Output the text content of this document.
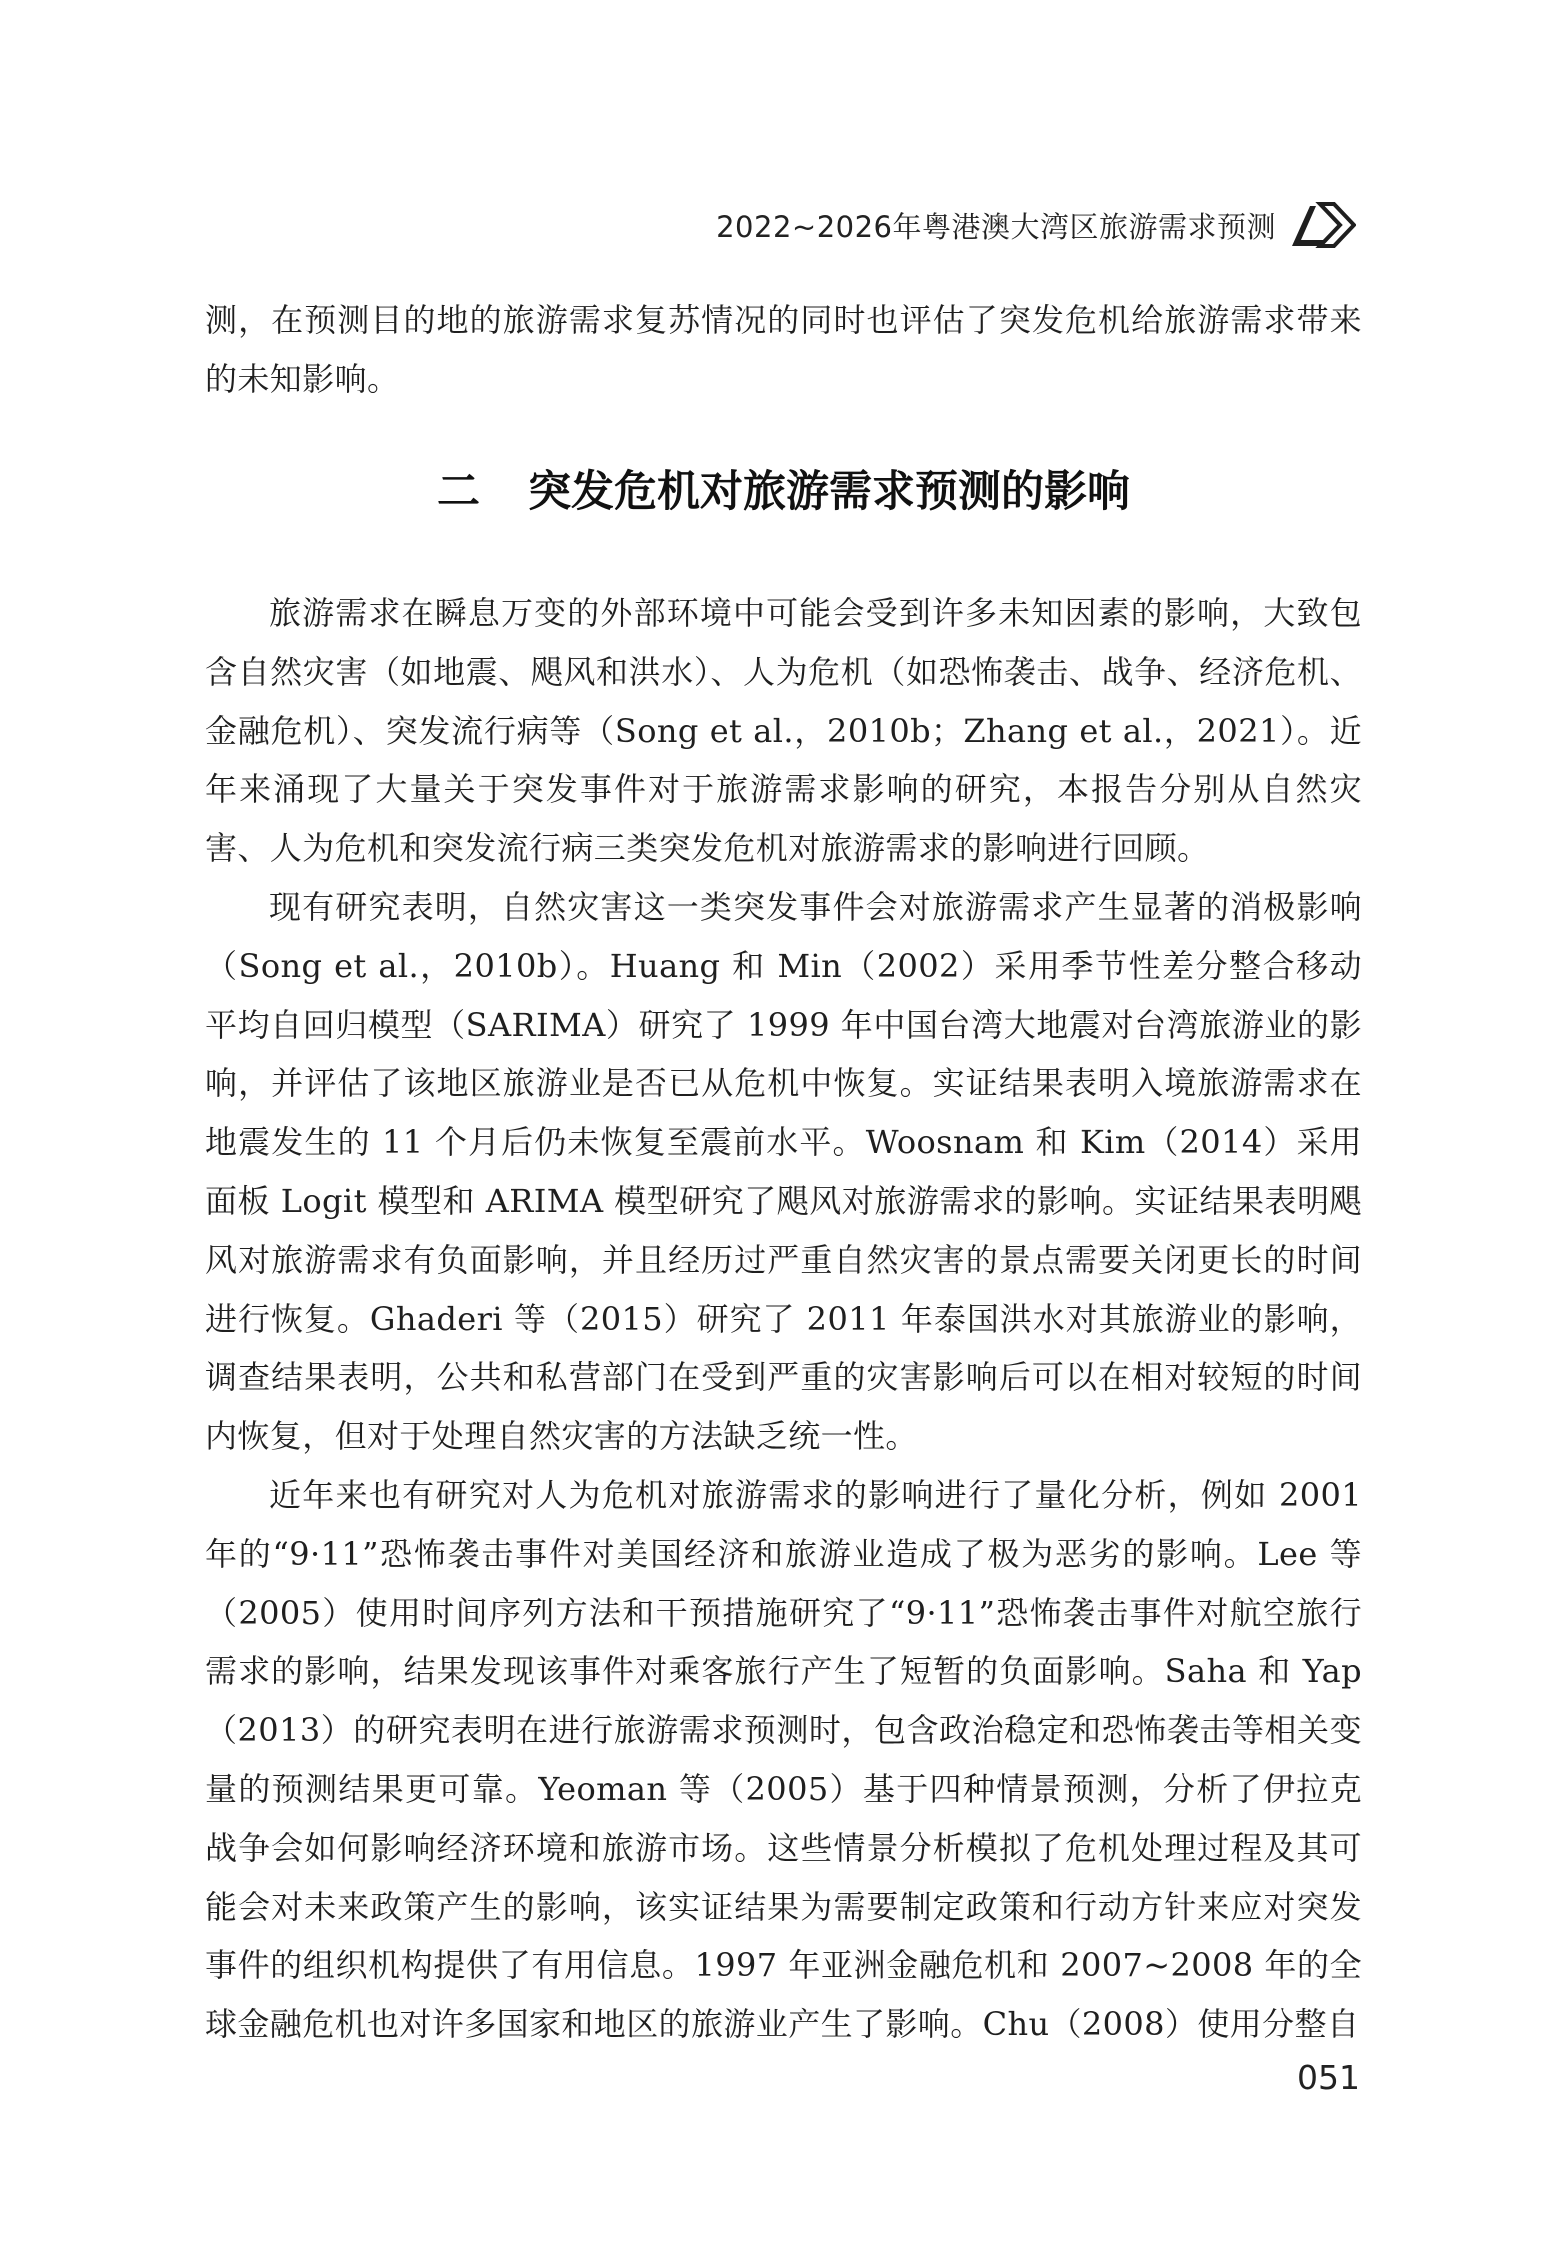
2022~2026年粤港澳大湾区旅游需求预测

测，在预测目的地的旅游需求复苏情况的同时也评估了突发危机给旅游需求带来的未知影响。

二 突发危机对旅游需求预测的影响

旅游需求在瞬息万变的外部环境中可能会受到许多未知因素的影响，大致包含自然灾害（如地震、飓风和洪水）、人为危机（如恐怖袭击、战争、经济危机、金融危机）、突发流行病等（Song et al.，2010b；Zhang et al.，2021）。近年来涌现了大量关于突发事件对于旅游需求影响的研究，本报告分别从自然灾害、人为危机和突发流行病三类突发危机对旅游需求的影响进行回顾。

现有研究表明，自然灾害这一类突发事件会对旅游需求产生显著的消极影响（Song et al.，2010b）。Huang 和 Min（2002）采用季节性差分整合移动平均自回归模型（SARIMA）研究了 1999 年中国台湾大地震对台湾旅游业的影响，并评估了该地区旅游业是否已从危机中恢复。实证结果表明入境旅游需求在地震发生的 11 个月后仍未恢复至震前水平。Woosnam 和 Kim（2014）采用面板 Logit 模型和 ARIMA 模型研究了飓风对旅游需求的影响。实证结果表明飓风对旅游需求有负面影响，并且经历过严重自然灾害的景点需要关闭更长的时间进行恢复。Ghaderi 等（2015）研究了 2011 年泰国洪水对其旅游业的影响，调查结果表明，公共和私营部门在受到严重的灾害影响后可以在相对较短的时间内恢复，但对于处理自然灾害的方法缺乏统一性。

近年来也有研究对人为危机对旅游需求的影响进行了量化分析，例如 2001 年的“9·11”恐怖袭击事件对美国经济和旅游业造成了极为恶劣的影响。Lee 等（2005）使用时间序列方法和干预措施研究了“9·11”恐怖袭击事件对航空旅行需求的影响，结果发现该事件对乘客旅行产生了短暂的负面影响。Saha 和 Yap（2013）的研究表明在进行旅游需求预测时，包含政治稳定和恐怖袭击等相关变量的预测结果更可靠。Yeoman 等（2005）基于四种情景预测，分析了伊拉克战争会如何影响经济环境和旅游市场。这些情景分析模拟了危机处理过程及其可能会对未来政策产生的影响，该实证结果为需要制定政策和行动方针来应对突发事件的组织机构提供了有用信息。1997 年亚洲金融危机和 2007~2008 年的全球金融危机也对许多国家和地区的旅游业产生了影响。Chu（2008）使用分整自

051
